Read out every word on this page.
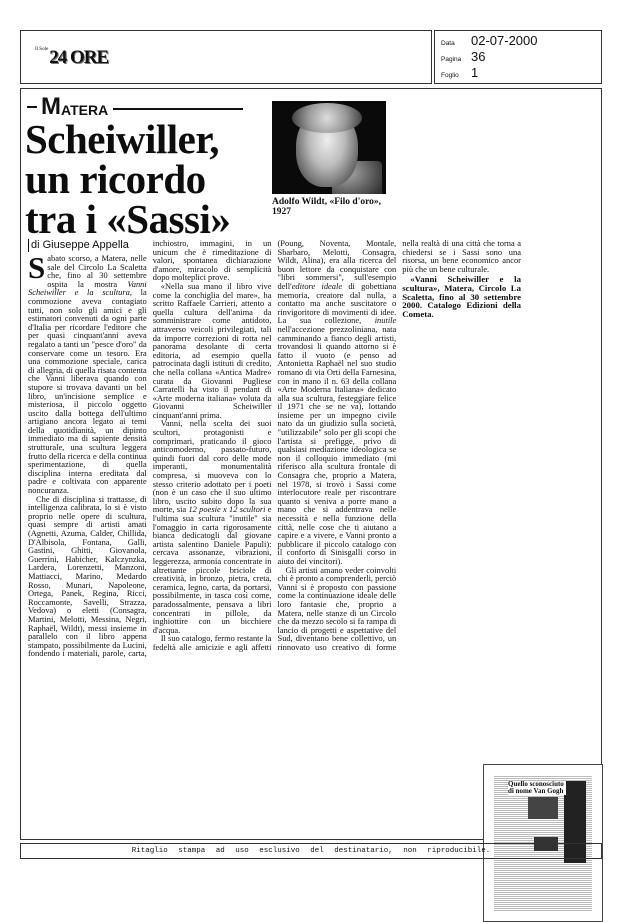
$^{Il Sole}$24 ORE
Data	02-07-2000
Pagina 36
Foglio 1
M ATERA
Scheiwiller,
un ricordo
tra i «Sassi»	Adolfo Wildt, «Filo d'oro», 1927
di Giuseppe Appella

Sabato scorso, a Matera, nelle sale del Circolo La Scaletta che, fino al 30 settembre ospita la mostra Vanni Scheiwiller e la scultura, la commozione aveva contagiato tutti, non solo gli amici e gli estimatori convenuti da ogni parte d'Italia per ricordare l'editore che per quasi cinquant'anni aveva regalato a tanti un "pesce d'oro" da conservare come un tesoro. Era una commozione speciale, carica di allegria, di quella risata contenta che Vanni liberava quando con stupore si trovava davanti un bel libro, un'incisione semplice e misteriosa, il piccolo oggetto uscito dalla bottega dell'ultimo artigiano ancora legato ai temi della quotidianità, un dipinto immediato ma di sapiente densità strutturale, una scultura leggera frutto della ricerca e della continua sperimentazione, di quella disciplina interna ereditata dal padre e coltivata con apparente noncuranza.

Che di disciplina si trattasse, di intelligenza calibrata, lo si è visto proprio nelle opere di scultura, quasi sempre di artisti amati (Agnetti, Azuma, Calder, Chillida, D'Albisola, Fontana, Galli, Gastini, Ghitti, Giovanola, Guerrini, Habicher, Kalczynzka, Lardera, Lorenzetti, Manzoni, Mattiacci, Marino, Medardo Rosso, Munari, Napoleone, Ortega, Panek, Regina, Ricci, Roccamonte, Savelli, Strazza, Vedova) o eletti (Consagra, Martini, Melotti, Messina, Negri, Raphaël, Wildt), messi insieme in parallelo con il libro appena stampato, possibilmente da Lucini, fondendo i materiali, parole, carta, inchiostro, immagini, in un unicum che è rimeditazione di valori, spontanea dichiarazione d'amore, miracolo di semplicità dopo molteplici prove.

«Nella sua mano il libro vive come la conchiglia del mare», ha scritto Raffaele Carrieri, attento a quella cultura dell'anima da somministrare come antidoto, attraverso veicoli privilegiati, tali da imporre correzioni di rotta nel panorama desolante di certa editoria, ad esempio quella patrocinata dagli istituti di credito, che nella collana «Antica Madre» curata da Giovanni Pugliese Carratelli ha visto il pendant di «Arte moderna italiana» voluta da Giovanni Scheiwiller cinquant'anni prima.

Vanni, nella scelta dei suoi scultori, protagonisti e comprimari, praticando il gioco anticomoderno, passato-futuro, quindi fuori dal coro delle mode imperanti, monumentalità compresa, si muoveva con lo stesso criterio adottato per i poeti (non è un caso che il suo ultimo libro, uscito subito dopo la sua morte, sia 12 poesie x 12 scultori e l'ultima sua scultura "inutile" sia l'omaggio in carta rigorosamente bianca dedicatogli dal giovane artista salentino Daniele Papuli): cercava assonanze, vibrazioni, leggerezza, armonia concentrate in altrettante piccole briciole di creatività, in bronzo, pietra, creta, ceramica, legno, carta, da portarsi, possibilmente, in tasca così come, paradossalmente, pensava a libri concentrati in pillole, da inghiottire con un bicchiere d'acqua.

Il suo catalogo, fermo restante la fedeltà alle amicizie e agli affetti (Poung, Noventa, Montale, Sbarbaro, Melotti, Consagra, Wildt, Alina), era alla ricerca del buon lettore da conquistare con "libri sommersi", sull'esempio dell'editore ideale di gobettiana memoria, creatore dal nulla, a contatto ma anche suscitatore o rinvigoritore di movimenti di idee. La sua collezione, inutile nell'accezione prezzoliniana, nata camminando a fianco degli artisti, trovandosi li quando attorno si è fatto il vuoto (e penso ad Antonietta Raphaël nel suo studio romano di via Orti della Farnesina, con in mano il n. 63 della collana «Arte Moderna Italiana» dedicato alla sua scultura, festeggiare felice il 1971 che se ne va), lottando insieme per un impegno civile nato da un giudizio sulla società, "utilizzabile" solo per gli scopi che l'artista si prefigge, privo di qualsiasi mediazione ideologica se non il colloquio immediato (mi riferisco alla scultura frontale di Consagra che, proprio a Matera, nel 1978, si trovò i Sassi come interlocutore reale per riscontrare quanto si veniva a porre mano a mano che si addentrava nelle necessità e nella funzione della città, nelle cose che ti aiutano a capire e a vivere, e Vanni pronto a pubblicare il piccolo catalogo con il conforto di Sinisgalli corso in aiuto dei vincitori).

Gli artisti amano veder coinvolti chi è pronto a comprenderli, perciò Vanni si è proposto con passione come la continuazione ideale delle loro fantasie che, proprio a Matera, nelle stanze di un Circolo che da mezzo secolo si fa rampa di lancio di progetti e aspettative del Sud, diventano bene collettivo, un rinnovato uso creativo di forme nella realtà di una città che torna a chiedersi se i Sassi sono una risorsa, un bene economico ancor più che un bene culturale.

«Vanni Scheiwiller e la scultura», Matera, Circolo La Scaletta, fino al 30 settembre 2000. Catalogo Edizioni della Cometa.

Quello sconosciuto di nome Van Gogh
Ritaglio stampa ad uso esclusivo del destinatario, non riproducibile.
